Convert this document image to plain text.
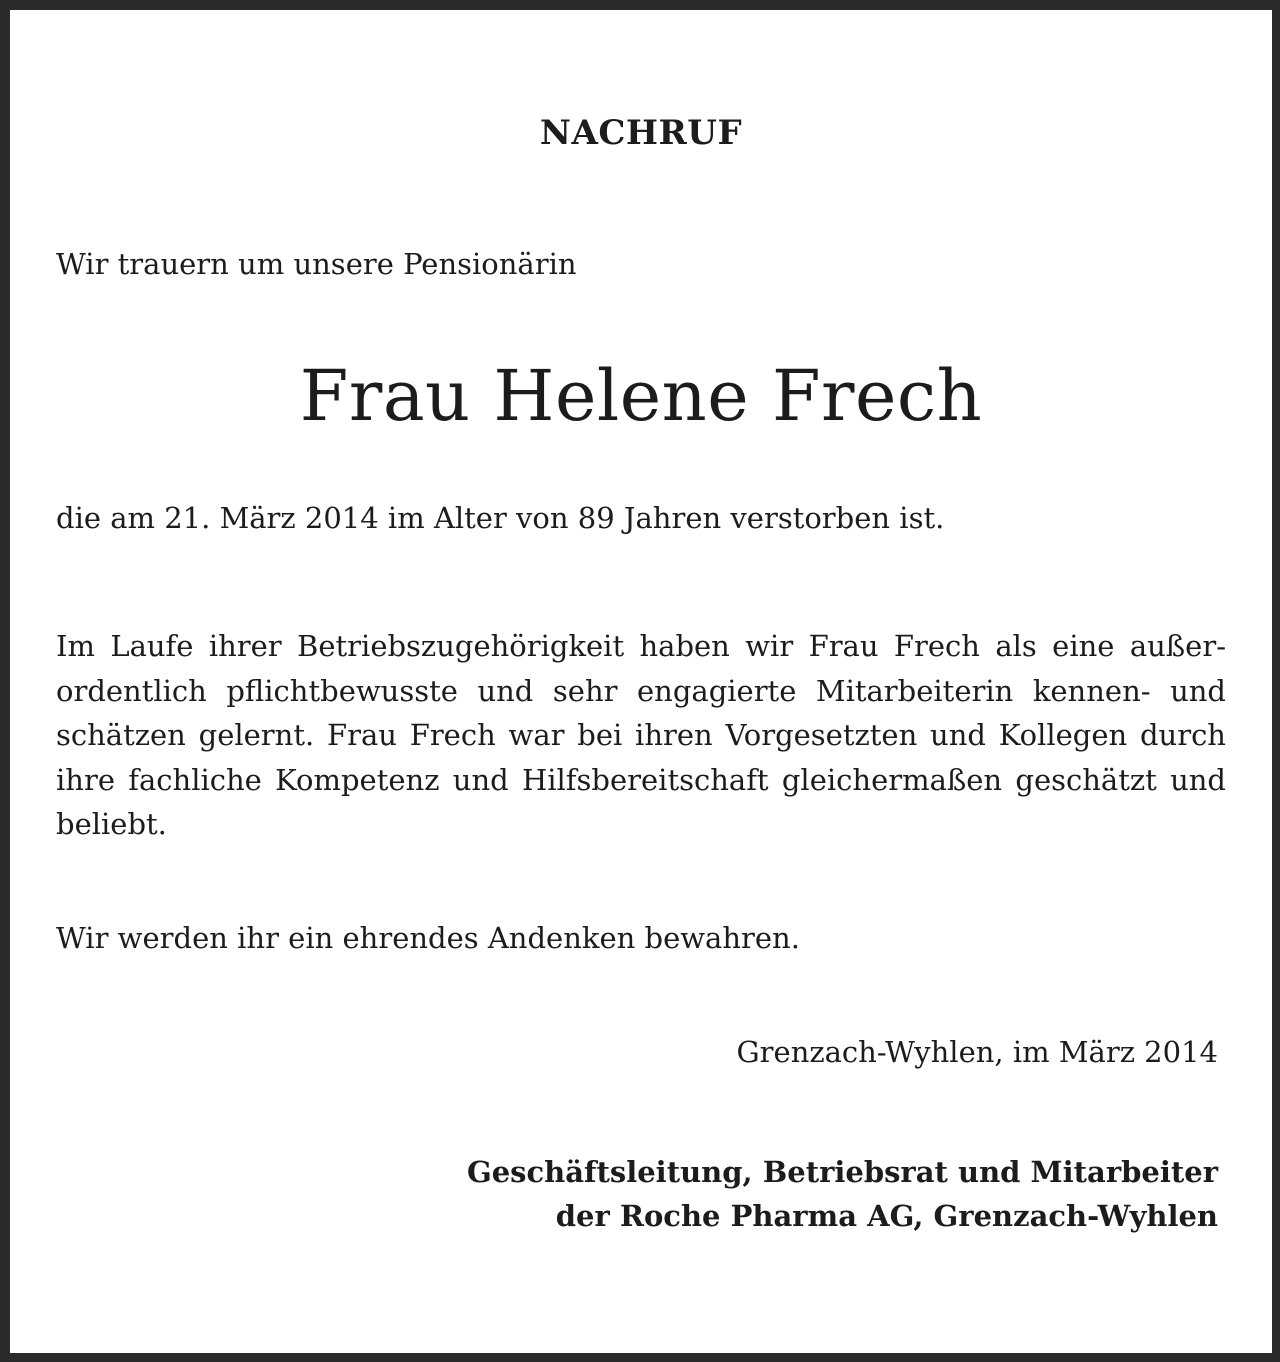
NACHRUF
Wir trauern um unsere Pensionärin
Frau Helene Frech
die am 21. März 2014 im Alter von 89 Jahren verstorben ist.

Im Laufe ihrer Betriebszugehörigkeit haben wir Frau Frech als eine außer- ordentlich pflichtbewusste und sehr engagierte Mitarbeiterin kennen- und schätzen gelernt. Frau Frech war bei ihren Vorgesetzten und Kollegen durch ihre fachliche Kompetenz und Hilfsbereitschaft gleichermaßen geschätzt und beliebt.

Wir werden ihr ein ehrendes Andenken bewahren.
Grenzach-Wyhlen, im März 2014
Geschäftsleitung, Betriebsrat und Mitarbeiter
der Roche Pharma AG, Grenzach-Wyhlen
